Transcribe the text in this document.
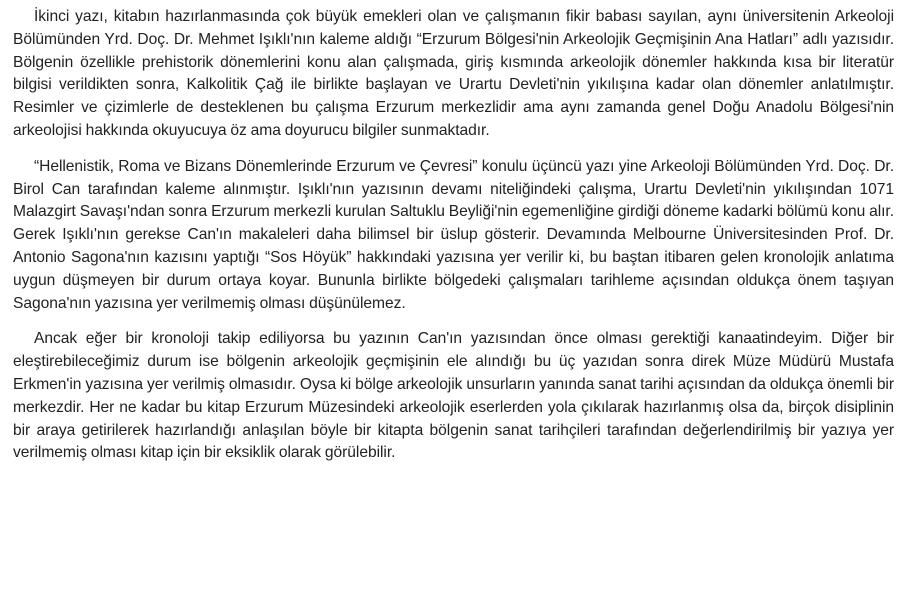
İkinci yazı, kitabın hazırlanmasında çok büyük emekleri olan ve çalışmanın fikir babası sayılan, aynı üniversitenin Arkeoloji Bölümünden Yrd. Doç. Dr. Mehmet Işıklı'nın kaleme aldığı “Erzurum Bölgesi'nin Arkeolojik Geçmişinin Ana Hatları” adlı yazısıdır. Bölgenin özellikle prehistorik dönemlerini konu alan çalışmada, giriş kısmında arkeolojik dönemler hakkında kısa bir literatür bilgisi verildikten sonra, Kalkolitik Çağ ile birlikte başlayan ve Urartu Devleti'nin yıkılışına kadar olan dönemler anlatılmıştır. Resimler ve çizimlerle de desteklenen bu çalışma Erzurum merkezlidir ama aynı zamanda genel Doğu Anadolu Bölgesi'nin arkeolojisi hakkında okuyucuya öz ama doyurucu bilgiler sunmaktadır.

“Hellenistik, Roma ve Bizans Dönemlerinde Erzurum ve Çevresi” konulu üçüncü yazı yine Arkeoloji Bölümünden Yrd. Doç. Dr. Birol Can tarafından kaleme alınmıştır. Işıklı'nın yazısının devamı niteliğindeki çalışma, Urartu Devleti'nin yıkılışından 1071 Malazgirt Savaşı'ndan sonra Erzurum merkezli kurulan Saltuklu Beyliği'nin egemenliğine girdiği döneme kadarki bölümü konu alır. Gerek Işıklı'nın gerekse Can'ın makaleleri daha bilimsel bir üslup gösterir. Devamında Melbourne Üniversitesinden Prof. Dr. Antonio Sagona'nın kazısını yaptığı “Sos Höyük” hakkındaki yazısına yer verilir ki, bu baştan itibaren gelen kronolojik anlatıma uygun düşmeyen bir durum ortaya koyar. Bununla birlikte bölgedeki çalışmaları tarihleme açısından oldukça önem taşıyan Sagona'nın yazısına yer verilmemiş olması düşünülemez.

Ancak eğer bir kronoloji takip ediliyorsa bu yazının Can'ın yazısından önce olması gerektiği kanaatindeyim. Diğer bir eleştirebileceğimiz durum ise bölgenin arkeolojik geçmişinin ele alındığı bu üç yazıdan sonra direk Müze Müdürü Mustafa Erkmen'in yazısına yer verilmiş olmasıdır. Oysa ki bölge arkeolojik unsurların yanında sanat tarihi açısından da oldukça önemli bir merkezdir. Her ne kadar bu kitap Erzurum Müzesindeki arkeolojik eserlerden yola çıkılarak hazırlanmış olsa da, birçok disiplinin bir araya getirilerek hazırlandığı anlaşılan böyle bir kitapta bölgenin sanat tarihçileri tarafından değerlendirilmiş bir yazıya yer verilmemiş olması kitap için bir eksiklik olarak görülebilir.
